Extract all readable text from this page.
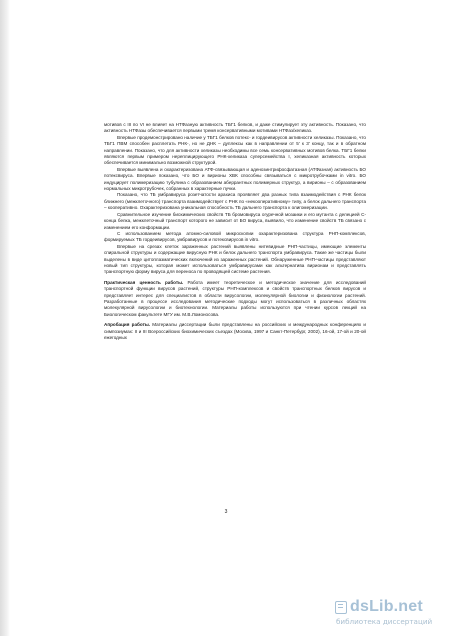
мотивов с III по VI не влияет на НТФазную активность ТБГ1 белков, и даже стимулирует эту активность. Показано, что активность НТФазы обеспечивается первыми тремя консервативными мотивами НТФаз/хеликаз.

Впервые продемонстрировано наличие у ТБГ1 белков потекс- и гордеивирусов активности хеликазы. Показано, что ТБГ1 ПВМ способен расплетать РНК-, но не ДНК – дуплексы как в направлении от 5' к 3' концу, так и в обратном направлении. Показано, что для активности хеликазы необходимы все семь консервативных мотивов белка. ТБГ1 белки являются первым примером нереплицирующего РНК-хеликаза суперсемейства I, хеликазная активность которых обеспечивается минимально возможной структурой.

Впервые выявлена и охарактеризована АТФ-связывающая и аденозинтрифосфатазная (АТФазная) активность БО потексвируса. Впервые показано, что БО и вирионы ХВК способны связываться с микротрубочками in vitro. БО индуцирует полимеризацию тубулина с образованием аберрантных полимерных структур, а вирионы – с образованием нормальных микротрубочек, собранных в характерные пучки.

Показано, что ТБ умбравируса розетчатости арахиса проявляет два разных типа взаимодействия с РНК белок ближнего (межклеточного) транспорта взаимодействует с РНК по «некооперативному» типу, а белок дальнего транспорта – кооперативно. Охарактеризована уникальная способность ТБ дальнего транспорта к олигомеризации.

Сравнительное изучение биохимических свойств ТБ бромовируса огуречной мозаики и его мутанта с делецией С-конца белка, межклеточный транспорт которого не зависит от БО вируса, выявило, что изменение свойств ТБ связано с изменением его конформации.

С использованием метода атомно-силовой микроскопии охарактеризована структура РНП-комплексов, формируемых ТБ гордеивирусов, умбравирусов и потексвирусов in vitro.

Впервые на срезах клеток зараженных растений выявлены нитевидные РНП-частицы, имеющие элементы спиральной структуры и содержащие вирусную РНК и белок дальнего транспорта умбравируса. Такие же частицы были выделены в виде цитоплазматических включений из зараженных растений. Обнаруженные РНП-частицы представляют новый тип структуры, которая может использоваться умбравирусами как альтернатива вирионам и представлять транспортную форму вируса для переноса по проводящей системе растения.

Практическая ценность работы. Работа имеет теоретическое и методическое значение для исследований транспортной функции вирусов растений, структуры РНП-комплексов и свойств транспортных белков вирусов и представляет интерес для специалистов в области вирусологии, молекулярной биологии и физиологии растений. Разработанные в процессе исследования методические подходы могут использоваться в различных областях молекулярной вирусологии и биотехнологии. Материалы работы используются при чтении курсов лекций на Биологическом факультете МГУ им. М.В.Ломоносова.

Апробация работы. Материалы диссертации были представлены на российских и международных конференциях и симпозиумах: II и III Всероссийских биохимических съездах (Москва, 1997 и Санкт-Петербург, 2002), 16-ой, 17-ой и 20-ой ежегодных

3
dsLib.net
библиотека диссертаций
